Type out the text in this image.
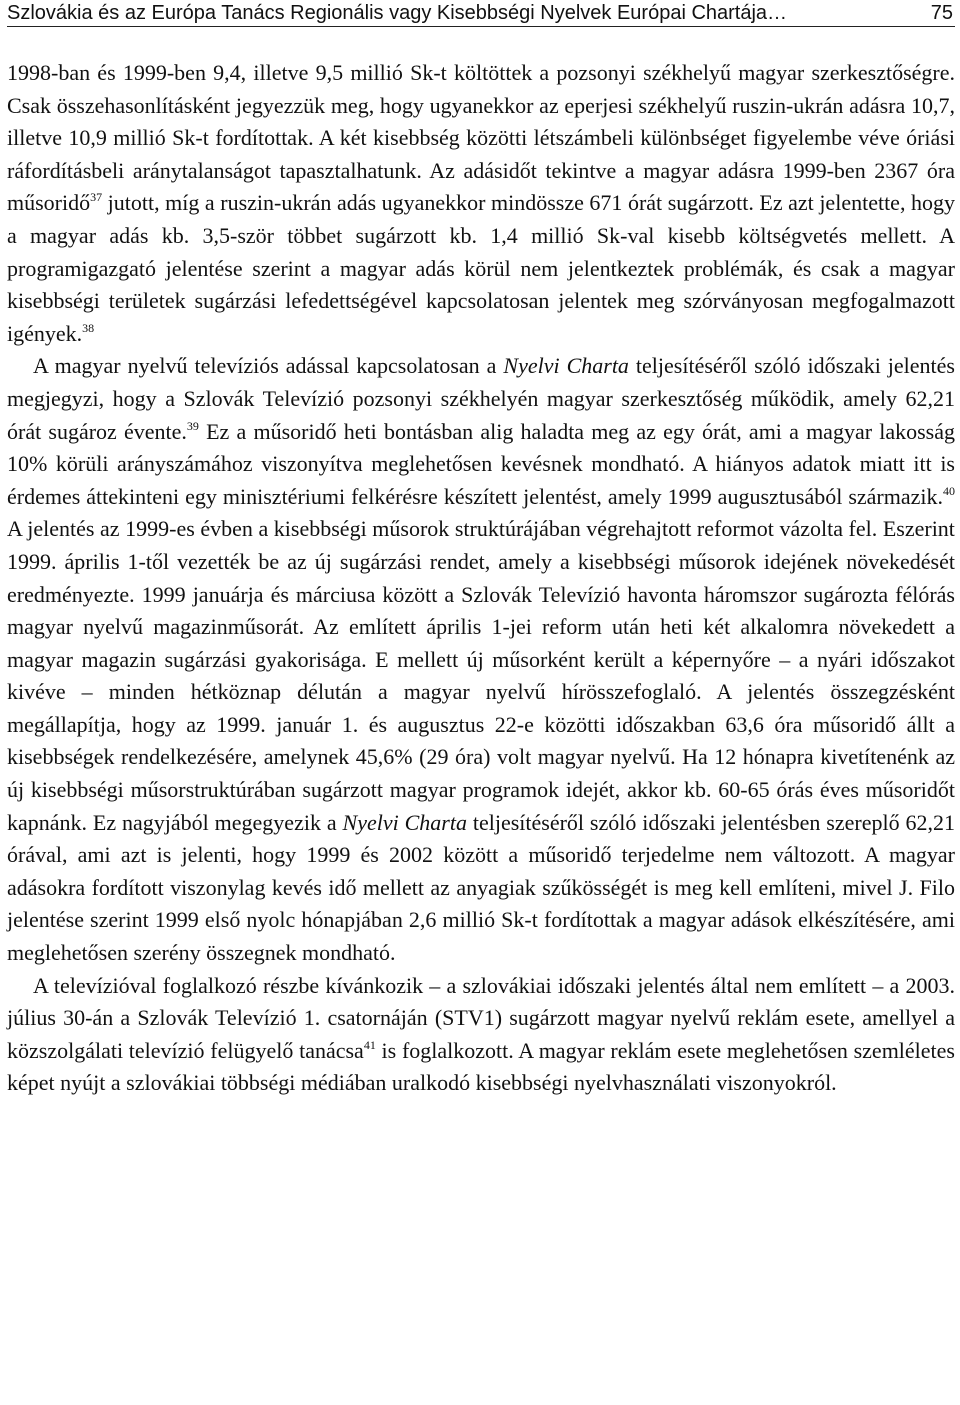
Szlovákia és az Európa Tanács Regionális vagy Kisebbségi Nyelvek Európai Chartája…	75

1998-ban és 1999-ben 9,4, illetve 9,5 millió Sk-t költöttek a pozsonyi székhelyű magyar szerkesztőségre. Csak összehasonlításként jegyezzük meg, hogy ugyanekkor az eperjesi székhelyű ruszin-ukrán adásra 10,7, illetve 10,9 millió Sk-t fordítottak. A két kisebbség közötti létszámbeli különbséget figyelembe véve óriási ráfordításbeli aránytalanságot tapasztalhatunk. Az adásidőt tekintve a magyar adásra 1999-ben 2367 óra műsoridő$^{37}$ jutott, míg a ruszin-ukrán adás ugyanekkor mindössze 671 órát sugárzott. Ez azt jelentette, hogy a magyar adás kb. 3,5-ször többet sugárzott kb. 1,4 millió Sk-val kisebb költségvetés mellett. A programigazgató jelentése szerint a magyar adás körül nem jelentkeztek problémák, és csak a magyar kisebbségi területek sugárzási lefedettségével kapcsolatosan jelentek meg szórványosan megfogalmazott igények.$^{38}$

A magyar nyelvű televíziós adással kapcsolatosan a Nyelvi Charta teljesítéséről szóló időszaki jelentés megjegyzi, hogy a Szlovák Televízió pozsonyi székhelyén magyar szerkesztőség működik, amely 62,21 órát sugároz évente.$^{39}$ Ez a műsoridő heti bontásban alig haladta meg az egy órát, ami a magyar lakosság 10% körüli arányszámához viszonyítva meglehetősen kevésnek mondható. A hiányos adatok miatt itt is érdemes áttekinteni egy minisztériumi felkérésre készített jelentést, amely 1999 augusztusából származik.$^{40}$ A jelentés az 1999-es évben a kisebbségi műsorok struktúrájában végrehajtott reformot vázolta fel. Eszerint 1999. április 1-től vezették be az új sugárzási rendet, amely a kisebbségi műsorok idejének növekedését eredményezte. 1999 januárja és márciusa között a Szlovák Televízió havonta háromszor sugározta félórás magyar nyelvű magazinműsorát. Az említett április 1-jei reform után heti két alkalomra növekedett a magyar magazin sugárzási gyakorisága. E mellett új műsorként került a képernyőre – a nyári időszakot kivéve – minden hétköznap délután a magyar nyelvű hírösszefoglaló. A jelentés összegzésként megállapítja, hogy az 1999. január 1. és augusztus 22-e közötti időszakban 63,6 óra műsoridő állt a kisebbségek rendelkezésére, amelynek 45,6% (29 óra) volt magyar nyelvű. Ha 12 hónapra kivetítenénk az új kisebbségi műsorstruktúrában sugárzott magyar programok idejét, akkor kb. 60-65 órás éves műsoridőt kapnánk. Ez nagyjából megegyezik a Nyelvi Charta teljesítéséről szóló időszaki jelentésben szereplő 62,21 órával, ami azt is jelenti, hogy 1999 és 2002 között a műsoridő terjedelme nem változott. A magyar adásokra fordított viszonylag kevés idő mellett az anyagiak szűkösségét is meg kell említeni, mivel J. Filo jelentése szerint 1999 első nyolc hónapjában 2,6 millió Sk-t fordítottak a magyar adások elkészítésére, ami meglehetősen szerény összegnek mondható.

A televízióval foglalkozó részbe kívánkozik – a szlovákiai időszaki jelentés által nem említett – a 2003. július 30-án a Szlovák Televízió 1. csatornáján (STV1) sugárzott magyar nyelvű reklám esete, amellyel a közszolgálati televízió felügyelő tanácsa$^{41}$ is foglalkozott. A magyar reklám esete meglehetősen szemléletes képet nyújt a szlovákiai többségi médiában uralkodó kisebbségi nyelvhasználati viszonyokról.
